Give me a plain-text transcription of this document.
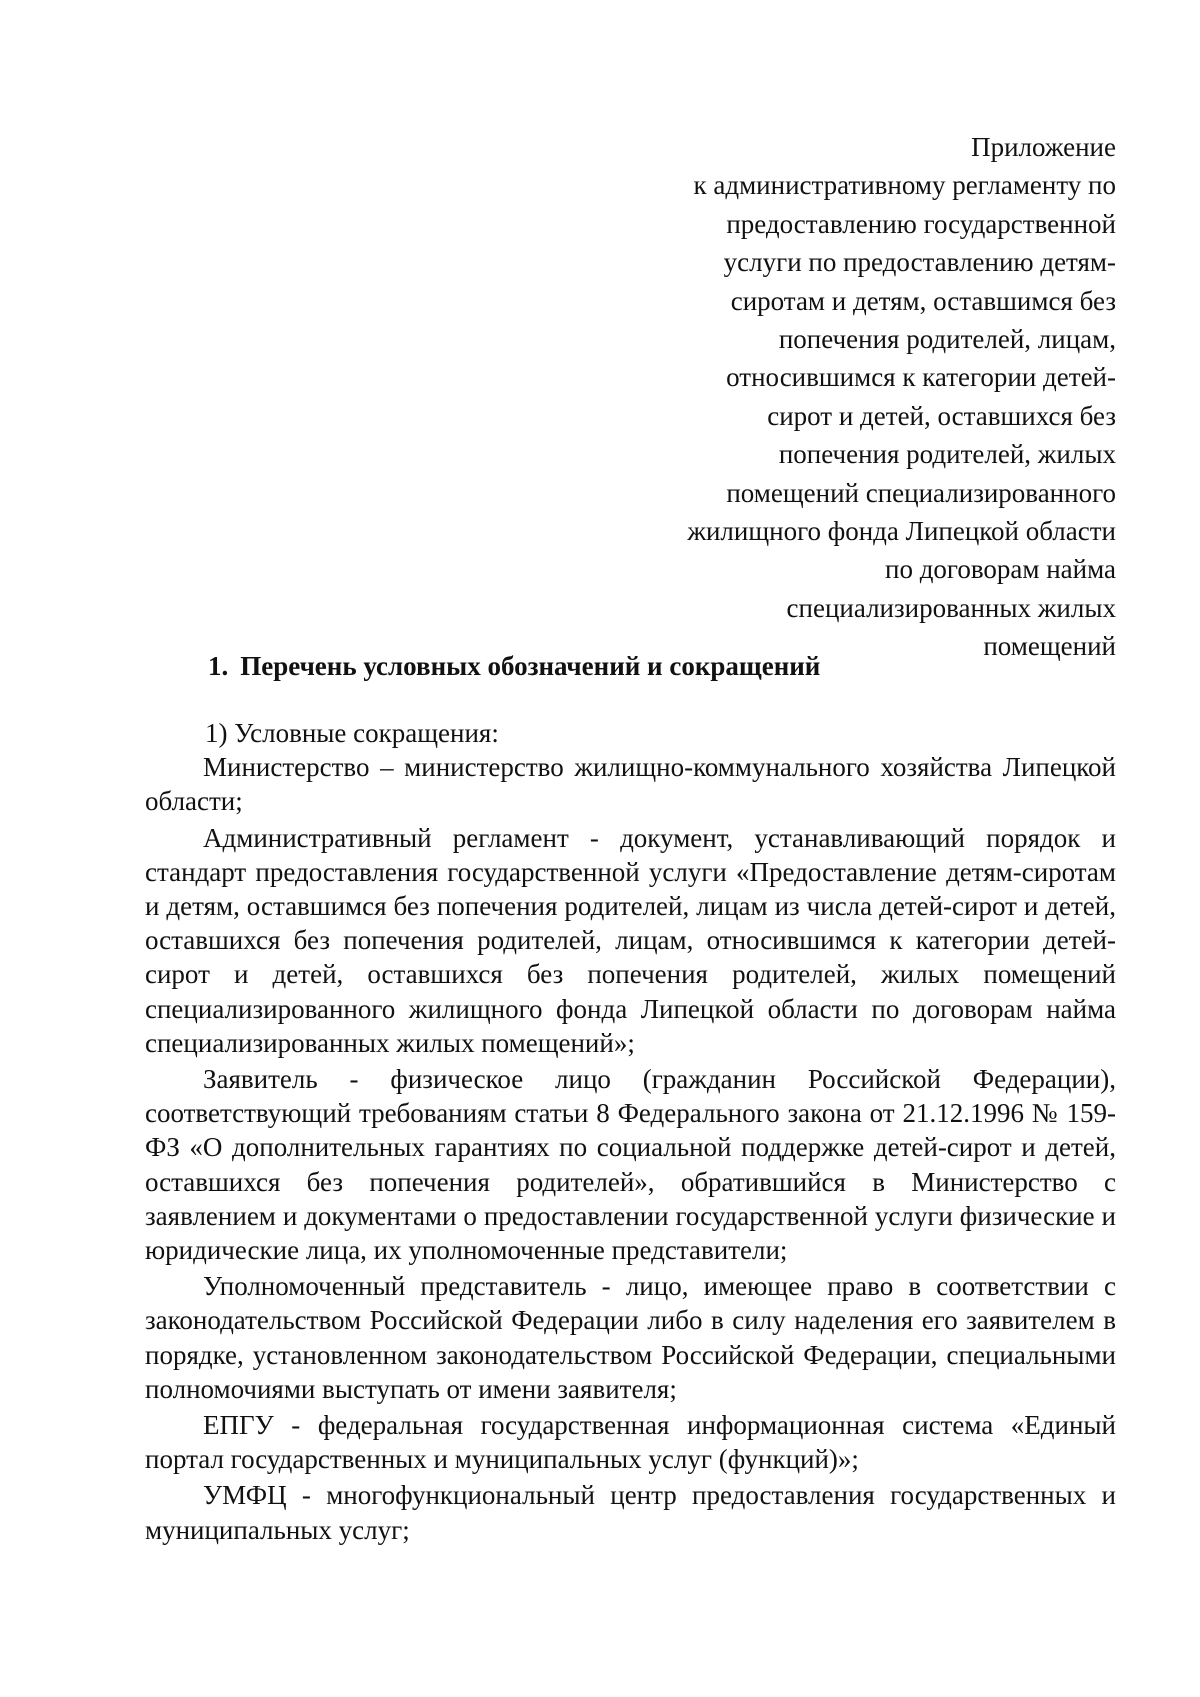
Приложение
к административному регламенту по
предоставлению государственной
услуги по предоставлению детям-
сиротам и детям, оставшимся без
попечения родителей, лицам,
относившимся к категории детей-
сирот и детей, оставшихся без
попечения родителей, жилых
помещений специализированного
жилищного фонда Липецкой области
по договорам найма
специализированных жилых
помещений
1. Перечень условных обозначений и сокращений

1) Условные сокращения:

Министерство – министерство жилищно-коммунального хозяйства Липецкой области;

Административный регламент - документ, устанавливающий порядок и стандарт предоставления государственной услуги «Предоставление детям-сиротам и детям, оставшимся без попечения родителей, лицам из числа детей-сирот и детей, оставшихся без попечения родителей, лицам, относившимся к категории детей-сирот и детей, оставшихся без попечения родителей, жилых помещений специализированного жилищного фонда Липецкой области по договорам найма специализированных жилых помещений»;

Заявитель - физическое лицо (гражданин Российской Федерации), соответствующий требованиям статьи 8 Федерального закона от 21.12.1996 № 159-ФЗ «О дополнительных гарантиях по социальной поддержке детей-сирот и детей, оставшихся без попечения родителей», обратившийся в Министерство с заявлением и документами о предоставлении государственной услуги физические и юридические лица, их уполномоченные представители;

Уполномоченный представитель - лицо, имеющее право в соответствии с законодательством Российской Федерации либо в силу наделения его заявителем в порядке, установленном законодательством Российской Федерации, специальными полномочиями выступать от имени заявителя;

ЕПГУ - федеральная государственная информационная система «Единый портал государственных и муниципальных услуг (функций)»;

УМФЦ - многофункциональный центр предоставления государственных и муниципальных услуг;
